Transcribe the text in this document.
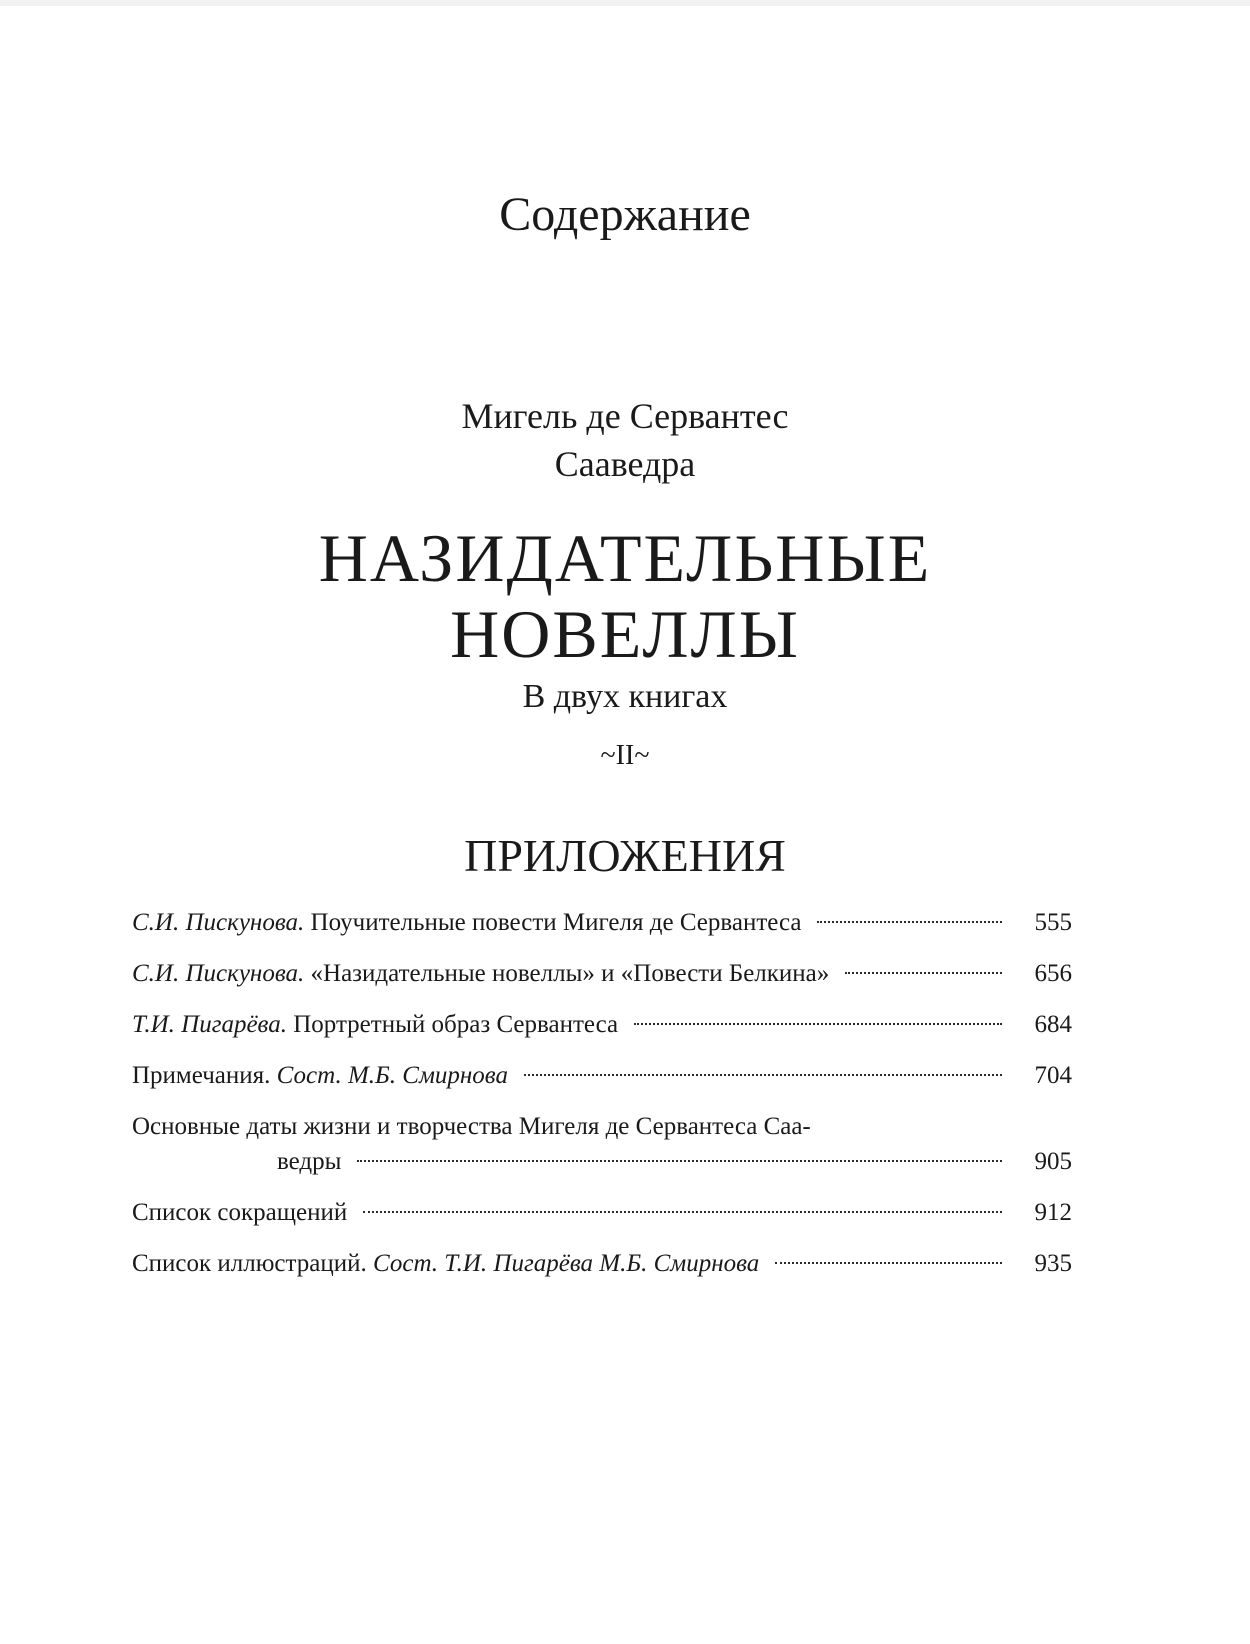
Содержание
Мигель де Сервантес
Сааведра
НАЗИДАТЕЛЬНЫЕ
НОВЕЛЛЫ
В двух книгах
~II~
ПРИЛОЖЕНИЯ
С.И. Пискунова. Поучительные повести Мигеля де Сервантеса	555
С.И. Пискунова. «Назидательные новеллы» и «Повести Белкина»	656
Т.И. Пигарёва. Портретный образ Сервантеса	684
Примечания. Сост. М.Б. Смирнова	704
Основные даты жизни и творчества Мигеля де Сервантеса Саа-
ведры	905
Список сокращений	912
Список иллюстраций. Сост. Т.И. Пигарёва М.Б. Смирнова	935
